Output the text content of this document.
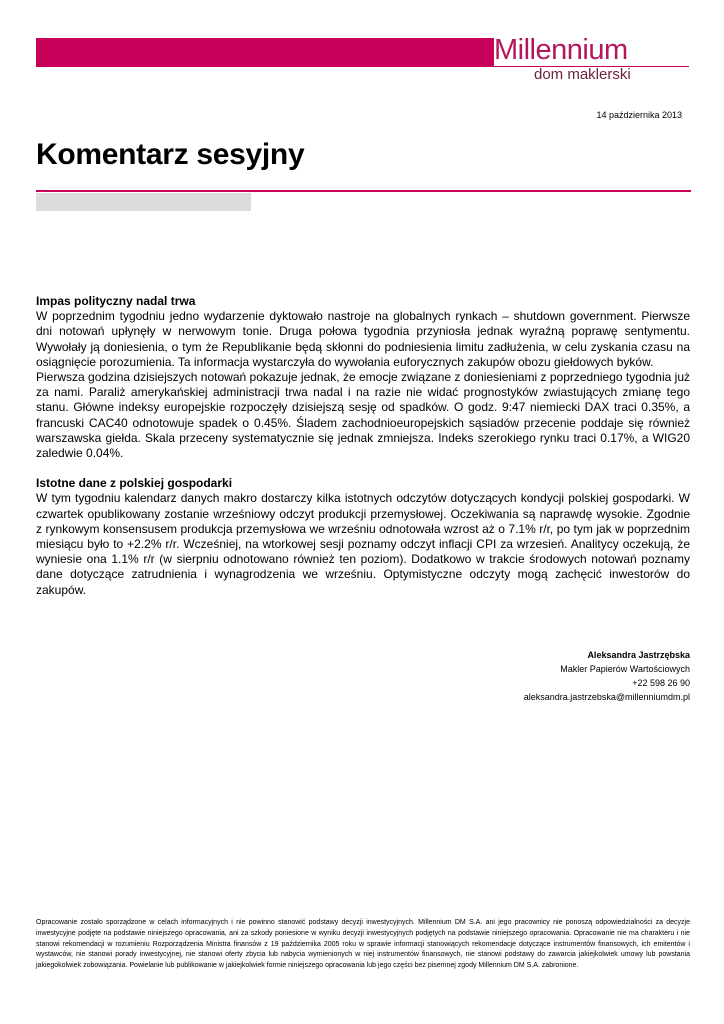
Millennium
dom maklerski
14 października 2013
Komentarz sesyjny

Impas polityczny nadal trwa

W poprzednim tygodniu jedno wydarzenie dyktowało nastroje na globalnych rynkach – shutdown government. Pierwsze dni notowań upłynęły w nerwowym tonie. Druga połowa tygodnia przyniosła jednak wyraźną poprawę sentymentu. Wywołały ją doniesienia, o tym że Republikanie będą skłonni do podniesienia limitu zadłużenia, w celu zyskania czasu na osiągnięcie porozumienia. Ta informacja wystarczyła do wywołania euforycznych zakupów obozu giełdowych byków.

Pierwsza godzina dzisiejszych notowań pokazuje jednak, że emocje związane z doniesieniami z poprzedniego tygodnia już za nami. Paraliż amerykańskiej administracji trwa nadal i na razie nie widać prognostyków zwiastujących zmianę tego stanu. Główne indeksy europejskie rozpoczęły dzisiejszą sesję od spadków. O godz. 9:47 niemiecki DAX traci 0.35%, a francuski CAC40 odnotowuje spadek o 0.45%. Śladem zachodnioeuropejskich sąsiadów przecenie poddaje się również warszawska giełda. Skala przeceny systematycznie się jednak zmniejsza. Indeks szerokiego rynku traci 0.17%, a WIG20 zaledwie 0.04%.

Istotne dane z polskiej gospodarki

W tym tygodniu kalendarz danych makro dostarczy kilka istotnych odczytów dotyczących kondycji polskiej gospodarki. W czwartek opublikowany zostanie wrześniowy odczyt produkcji przemysłowej. Oczekiwania są naprawdę wysokie. Zgodnie z rynkowym konsensusem produkcja przemysłowa we wrześniu odnotowała wzrost aż o 7.1% r/r, po tym jak w poprzednim miesiącu było to +2.2% r/r. Wcześniej, na wtorkowej sesji poznamy odczyt inflacji CPI za wrzesień. Analitycy oczekują, że wyniesie ona 1.1% r/r (w sierpniu odnotowano również ten poziom). Dodatkowo w trakcie środowych notowań poznamy dane dotyczące zatrudnienia i wynagrodzenia we wrześniu. Optymistyczne odczyty mogą zachęcić inwestorów do zakupów.

Aleksandra Jastrzębska
Makler Papierów Wartościowych
+22 598 26 90
aleksandra.jastrzebska@millenniumdm.pl
Opracowanie zostało sporządzone w celach informacyjnych i nie powinno stanowić podstawy decyzji inwestycyjnych. Millennium DM S.A. ani jego pracownicy nie ponoszą odpowiedzialności za decyzje inwestycyjne podjęte na podstawie niniejszego opracowania, ani za szkody poniesione w wyniku decyzji inwestycyjnych podjętych na podstawie niniejszego opracowania. Opracowanie nie ma charakteru i nie stanowi rekomendacji w rozumieniu Rozporządzenia Ministra finansów z 19 października 2005 roku w sprawie informacji stanowiących rekomendacje dotyczące instrumentów finansowych, ich emitentów i wystawców, nie stanowi porady inwestycyjnej, nie stanowi oferty zbycia lub nabycia wymienionych w niej instrumentów finansowych, nie stanowi podstawy do zawarcia jakiejkolwiek umowy lub powstania jakiegokolwiek zobowiązania. Powielanie lub publikowanie w jakiejkolwiek formie niniejszego opracowania lub jego części bez pisemnej zgody Millennium DM S.A. zabronione.
